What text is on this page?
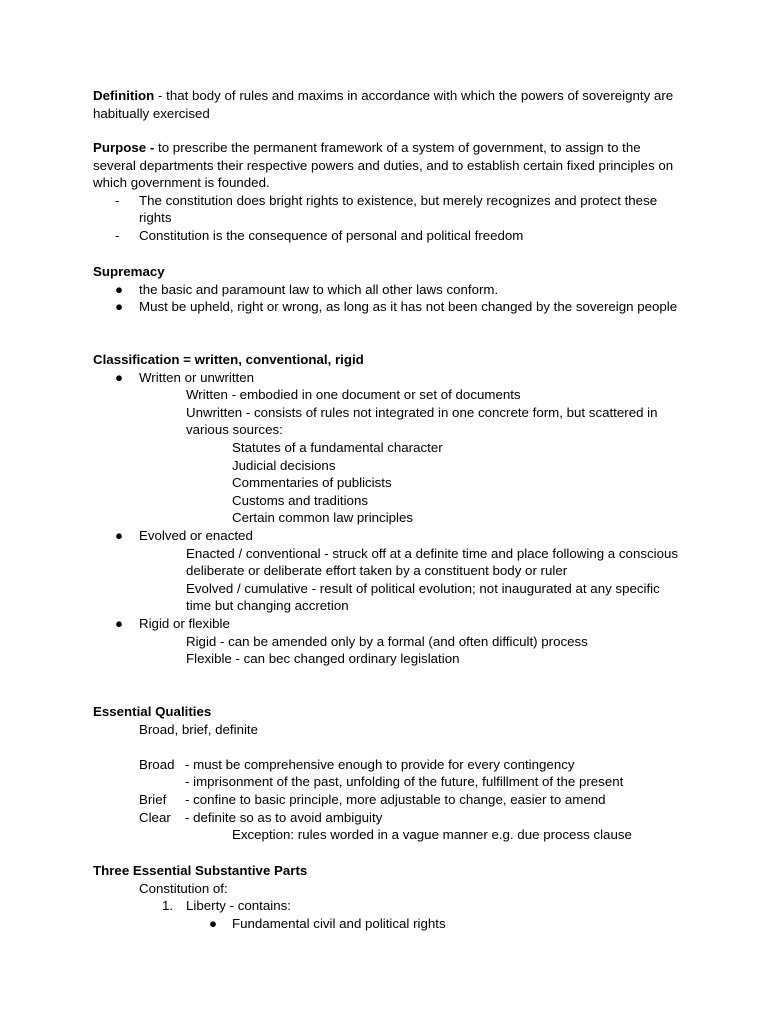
Definition - that body of rules and maxims in accordance with which the powers of sovereignty are habitually exercised

Purpose - to prescribe the permanent framework of a system of government, to assign to the several departments their respective powers and duties, and to establish certain fixed principles on which government is founded.

- The constitution does bright rights to existence, but merely recognizes and protect these rights
- Constitution is the consequence of personal and political freedom

Supremacy

● the basic and paramount law to which all other laws conform.
● Must be upheld, right or wrong, as long as it has not been changed by the sovereign people

Classification = written, conventional, rigid

● Written or unwritten
Written - embodied in one document or set of documents
Unwritten - consists of rules not integrated in one concrete form, but scattered in various sources:
Statutes of a fundamental character
Judicial decisions
Commentaries of publicists
Customs and traditions
Certain common law principles
● Evolved or enacted
Enacted / conventional - struck off at a definite time and place following a conscious deliberate or deliberate effort taken by a constituent body or ruler
Evolved / cumulative - result of political evolution; not inaugurated at any specific time but changing accretion
● Rigid or flexible
Rigid - can be amended only by a formal (and often difficult) process
Flexible - can bec changed ordinary legislation

Essential Qualities

Broad, brief, definite
Broad - must be comprehensive enough to provide for every contingency
- imprisonment of the past, unfolding of the future, fulfillment of the present
Brief - confine to basic principle, more adjustable to change, easier to amend
Clear - definite so as to avoid ambiguity
Exception: rules worded in a vague manner e.g. due process clause

Three Essential Substantive Parts

Constitution of:
1. Liberty - contains:
● Fundamental civil and political rights
